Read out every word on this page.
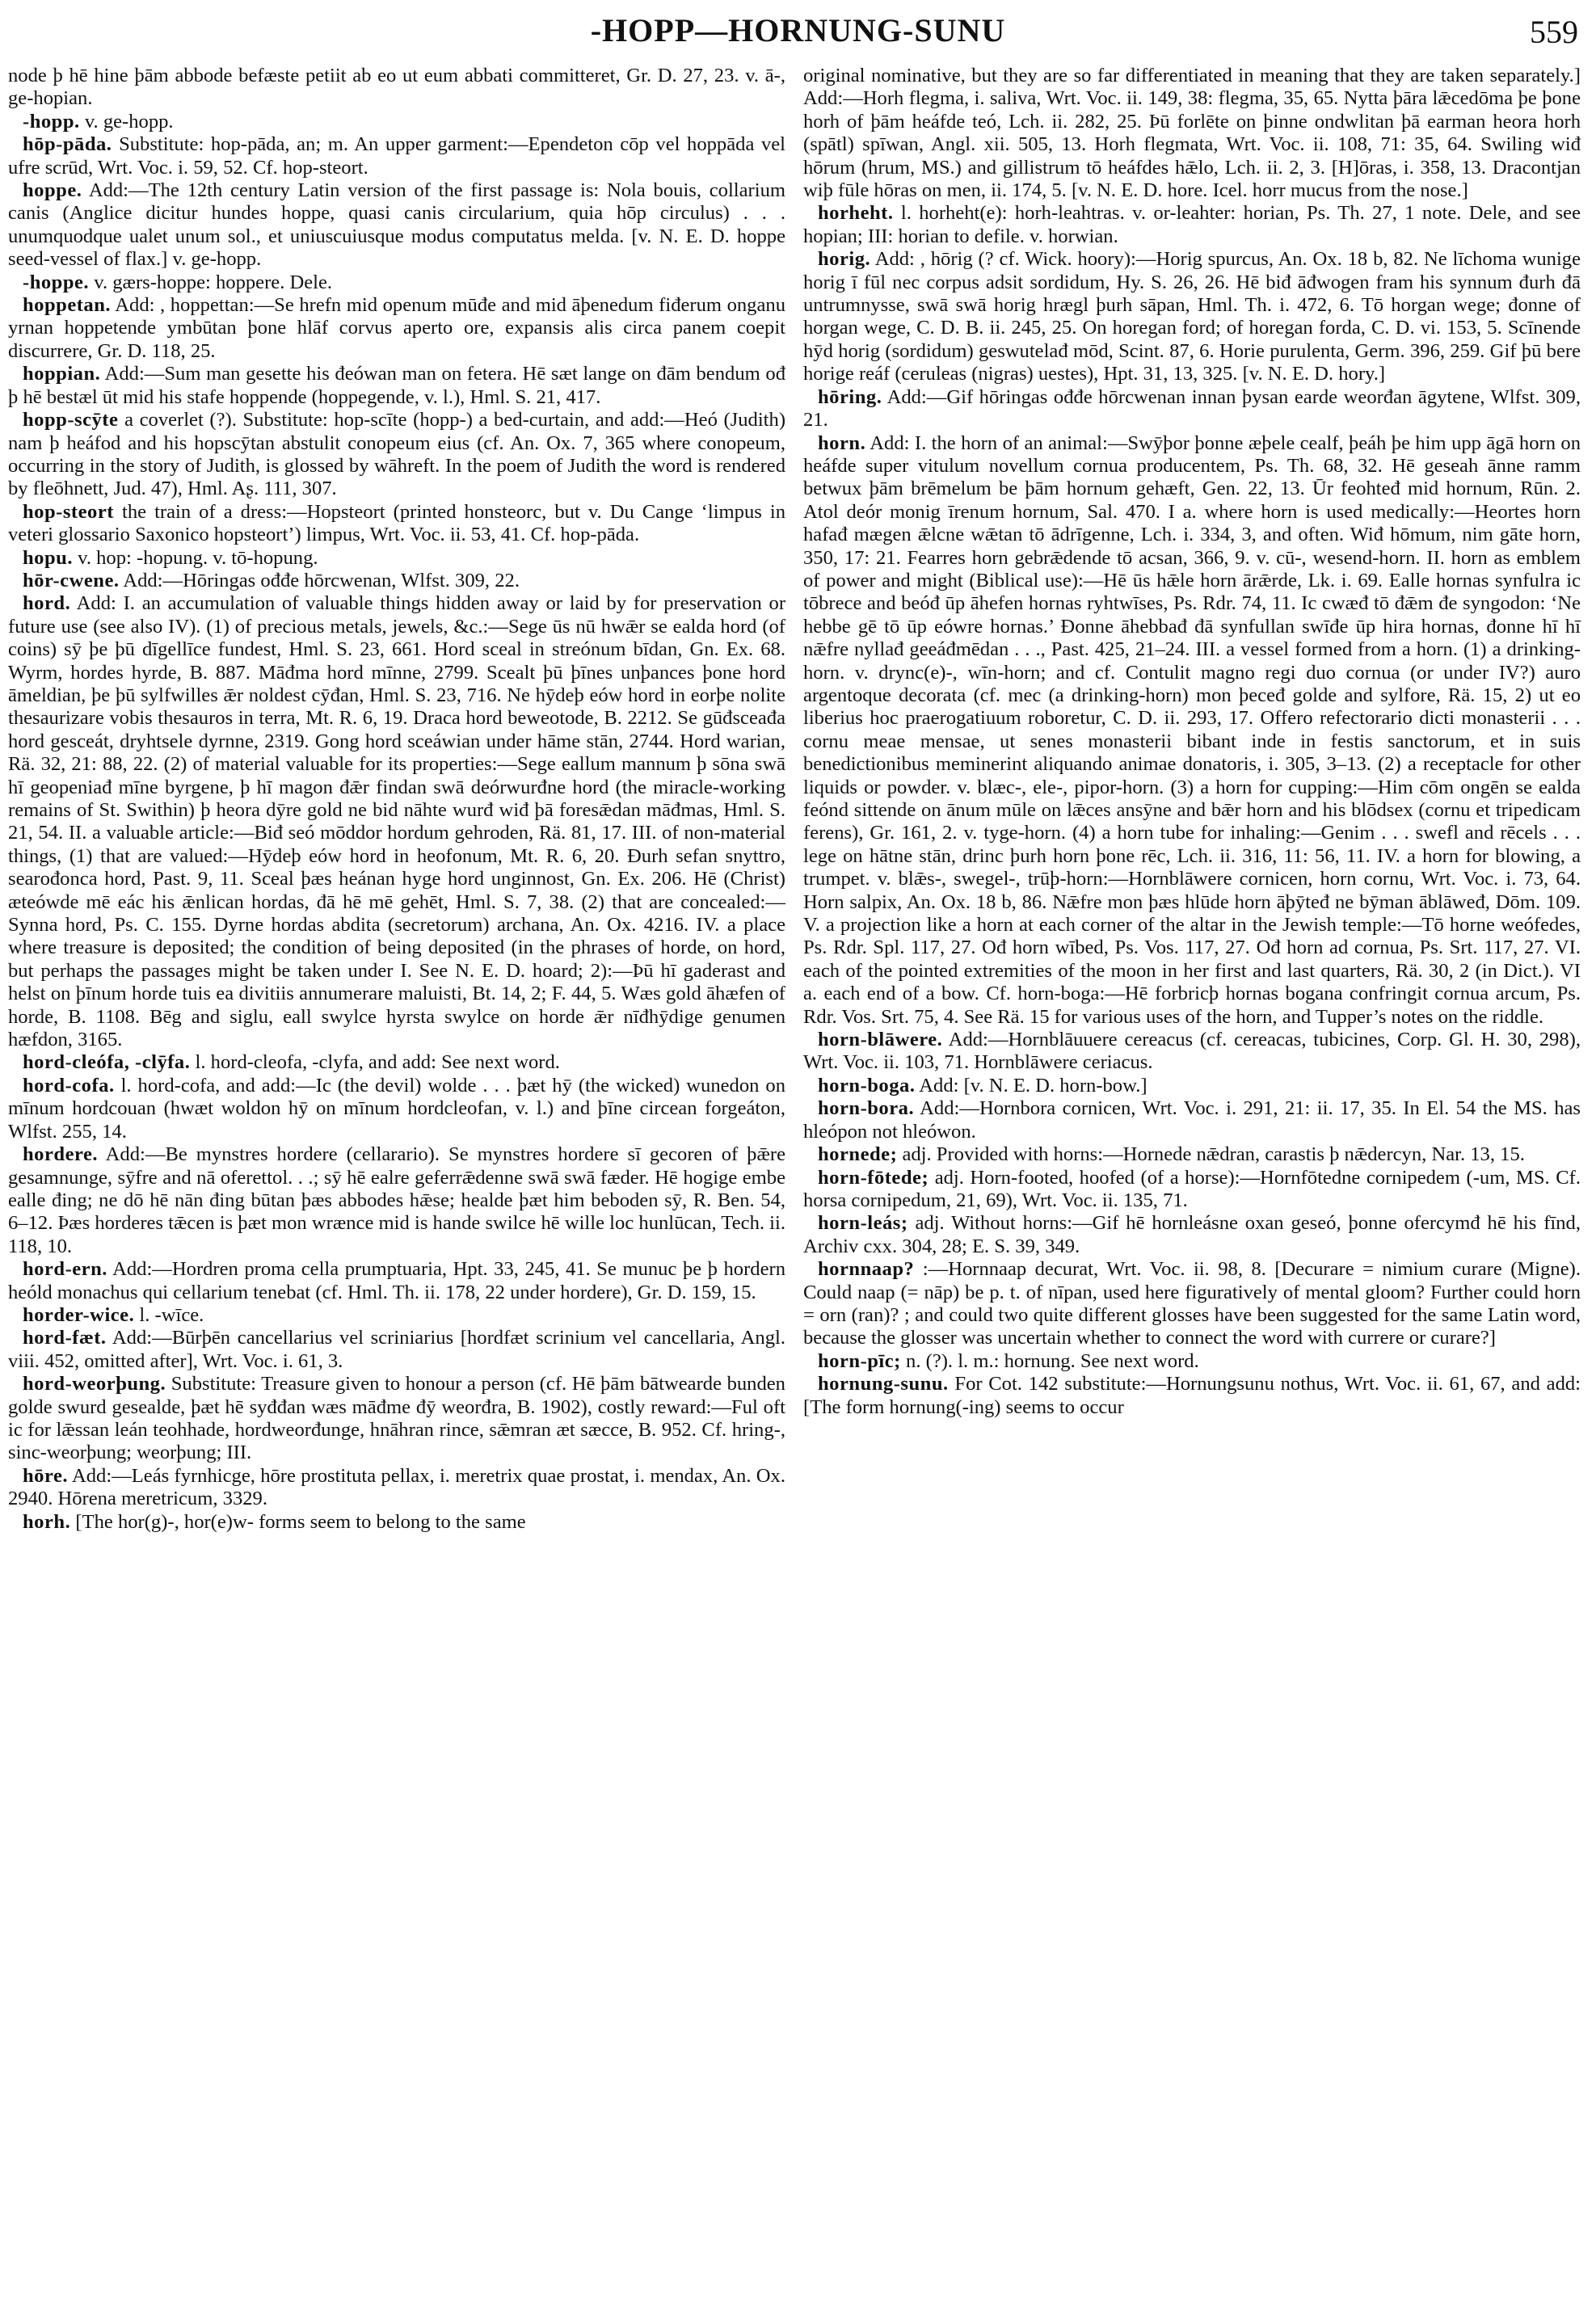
-HOPP—HORNUNG-SUNU	559

node þ hē hine þām abbode befæste petiit ab eo ut eum abbati committeret, Gr. D. 27, 23. v. ā-, ge-hopian.

-hopp. v. ge-hopp.

hōp-pāda. Substitute: hop-pāda, an; m. An upper garment:—Ependeton cōp vel hoppāda vel ufre scrūd, Wrt. Voc. i. 59, 52. Cf. hop-steort.

hoppe. Add:—The 12th century Latin version of the first passage is: Nola bouis, collarium canis (Anglice dicitur hundes hoppe, quasi canis circularium, quia hōp circulus) . . . unumquodque ualet unum sol., et uniuscuiusque modus computatus melda. [v. N. E. D. hoppe seed-vessel of flax.] v. ge-hopp.

-hoppe. v. gærs-hoppe: hoppere. Dele.

hoppetan. Add: , hoppettan:—Se hrefn mid openum mūđe and mid āþenedum fiđerum onganu yrnan hoppetende ymbūtan þone hlāf corvus aperto ore, expansis alis circa panem coepit discurrere, Gr. D. 118, 25.

hoppian. Add:—Sum man gesette his đeówan man on fetera. Hē sæt lange on đām bendum ođ þ hē bestæl ūt mid his stafe hoppende (hoppegende, v. l.), Hml. S. 21, 417.

hopp-scȳte a coverlet (?). Substitute: hop-scīte (hopp-) a bed-curtain, and add:—Heó (Judith) nam þ heáfod and his hopscȳtan abstulit conopeum eius (cf. An. Ox. 7, 365 where conopeum, occurring in the story of Judith, is glossed by wāhreft. In the poem of Judith the word is rendered by fleōhnett, Jud. 47), Hml. Aʂ. 111, 307.

hop-steort the train of a dress:—Hopsteort (printed honsteorc, but v. Du Cange ‘limpus in veteri glossario Saxonico hopsteort’) limpus, Wrt. Voc. ii. 53, 41. Cf. hop-pāda.

hopu. v. hop: -hopung. v. tō-hopung.

hōr-cwene. Add:—Hōringas ođđe hōrcwenan, Wlfst. 309, 22.

hord. Add: I. an accumulation of valuable things hidden away or laid by for preservation or future use (see also IV). (1) of precious metals, jewels, &c.:—Sege ūs nū hwǣr se ealda hord (of coins) sȳ þe þū dīgellīce fundest, Hml. S. 23, 661. Hord sceal in streónum bīdan, Gn. Ex. 68. Wyrm, hordes hyrde, B. 887. Māđma hord mīnne, 2799. Scealt þū þīnes unþances þone hord āmeldian, þe þū sylfwilles ǣr noldest cȳđan, Hml. S. 23, 716. Ne hȳdeþ eów hord in eorþe nolite thesaurizare vobis thesauros in terra, Mt. R. 6, 19. Draca hord beweotode, B. 2212. Se gūđsceađa hord gesceát, dryhtsele dyrnne, 2319. Gong hord sceáwian under hāme stān, 2744. Hord warian, Rä. 32, 21: 88, 22. (2) of material valuable for its properties:—Sege eallum mannum þ sōna swā hī geopeniađ mīne byrgene, þ hī magon đǣr findan swā deórwurđne hord (the miracle-working remains of St. Swithin) þ heora dȳre gold ne bid nāhte wurđ wiđ þā foresǣdan māđmas, Hml. S. 21, 54. II. a valuable article:—Biđ seó mōddor hordum gehroden, Rä. 81, 17. III. of non-material things, (1) that are valued:—Hȳdeþ eów hord in heofonum, Mt. R. 6, 20. Đurh sefan snyttro, searođonca hord, Past. 9, 11. Sceal þæs heánan hyge hord unginnost, Gn. Ex. 206. Hē (Christ) æteówde mē eác his ǣnlican hordas, đā hē mē gehēt, Hml. S. 7, 38. (2) that are concealed:—Synna hord, Ps. C. 155. Dyrne hordas abdita (secretorum) archana, An. Ox. 4216. IV. a place where treasure is deposited; the condition of being deposited (in the phrases of horde, on hord, but perhaps the passages might be taken under I. See N. E. D. hoard; 2):—Þū hī gaderast and helst on þīnum horde tuis ea divitiis annumerare maluisti, Bt. 14, 2; F. 44, 5. Wæs gold āhæfen of horde, B. 1108. Bēg and siglu, eall swylce hyrsta swylce on horde ǣr nīđhȳdige genumen hæfdon, 3165.

hord-cleófa, -clȳfa. l. hord-cleofa, -clyfa, and add: See next word.

hord-cofa. l. hord-cofa, and add:—Ic (the devil) wolde . . . þæt hȳ (the wicked) wunedon on mīnum hordcouan (hwæt woldon hȳ on mīnum hordcleofan, v. l.) and þīne circean forgeáton, Wlfst. 255, 14.

hordere. Add:—Be mynstres hordere (cellarario). Se mynstres hordere sī gecoren of þǣre gesamnunge, sȳfre and nā oferettol. . .; sȳ hē ealre geferrǣdenne swā swā fæder. Hē hogige embe ealle đing; ne dō hē nān đing būtan þæs abbodes hǣse; healde þæt him beboden sȳ, R. Ben. 54, 6–12. Þæs horderes tǣcen is þæt mon wrænce mid is hande swilce hē wille loc hunlūcan, Tech. ii. 118, 10.

hord-ern. Add:—Hordren proma cella prumptuaria, Hpt. 33, 245, 41. Se munuc þe þ hordern heóld monachus qui cellarium tenebat (cf. Hml. Th. ii. 178, 22 under hordere), Gr. D. 159, 15.

horder-wice. l. -wīce.

hord-fæt. Add:—Būrþēn cancellarius vel scriniarius [hordfæt scrinium vel cancellaria, Angl. viii. 452, omitted after], Wrt. Voc. i. 61, 3.

hord-weorþung. Substitute: Treasure given to honour a person (cf. Hē þām bātwearde bunden golde swurd gesealde, þæt hē syđđan wæs māđme đȳ weorđra, B. 1902), costly reward:—Ful oft ic for lǣssan leán teohhade, hordweorđunge, hnāhran rince, sǣmran æt sæcce, B. 952. Cf. hring-, sinc-weorþung; weorþung; III.

hōre. Add:—Leás fyrnhicge, hōre prostituta pellax, i. meretrix quae prostat, i. mendax, An. Ox. 2940. Hōrena meretricum, 3329.

horh. [The hor(g)-, hor(e)w- forms seem to belong to the same

original nominative, but they are so far differentiated in meaning that they are taken separately.] Add:—Horh flegma, i. saliva, Wrt. Voc. ii. 149, 38: flegma, 35, 65. Nytta þāra lǣcedōma þe þone horh of þām heáfde teó, Lch. ii. 282, 25. Þū forlēte on þinne ondwlitan þā earman heora horh (spātl) spīwan, Angl. xii. 505, 13. Horh flegmata, Wrt. Voc. ii. 108, 71: 35, 64. Swiling wiđ hōrum (hrum, MS.) and gillistrum tō heáfdes hǣlo, Lch. ii. 2, 3. [H]ōras, i. 358, 13. Dracontjan wiþ fūle hōras on men, ii. 174, 5. [v. N. E. D. hore. Icel. horr mucus from the nose.]

horheht. l. horheht(e): horh-leahtras. v. or-leahter: horian, Ps. Th. 27, 1 note. Dele, and see hopian; III: horian to defile. v. horwian.

horig. Add: , hōrig (? cf. Wick. hoory):—Horig spurcus, An. Ox. 18 b, 82. Ne līchoma wunige horig ī fūl nec corpus adsit sordidum, Hy. S. 26, 26. Hē biđ āđwogen fram his synnum đurh đā untrumnysse, swā swā horig hrægl þurh sāpan, Hml. Th. i. 472, 6. Tō horgan wege; đonne of horgan wege, C. D. B. ii. 245, 25. On horegan ford; of horegan forda, C. D. vi. 153, 5. Scīnende hȳd horig (sordidum) geswutelađ mōd, Scint. 87, 6. Horie purulenta, Germ. 396, 259. Gif þū bere horige reáf (ceruleas (nigras) uestes), Hpt. 31, 13, 325. [v. N. E. D. hory.]

hōring. Add:—Gif hōringas ođđe hōrcwenan innan þysan earde weorđan āgytene, Wlfst. 309, 21.

horn. Add: I. the horn of an animal:—Swȳþor þonne æþele cealf, þeáh þe him upp āgā horn on heáfde super vitulum novellum cornua producentem, Ps. Th. 68, 32. Hē geseah ānne ramm betwux þām brēmelum be þām hornum gehæft, Gen. 22, 13. Ūr feohteđ mid hornum, Rūn. 2. Atol deór monig īrenum hornum, Sal. 470. I a. where horn is used medically:—Heortes horn hafađ mægen ǣlcne wǣtan tō ādrīgenne, Lch. i. 334, 3, and often. Wiđ hōmum, nim gāte horn, 350, 17: 21. Fearres horn gebrǣdende tō acsan, 366, 9. v. cū-, wesend-horn. II. horn as emblem of power and might (Biblical use):—Hē ūs hǣle horn ārǣrde, Lk. i. 69. Ealle hornas synfulra ic tōbrece and beóđ ūp āhefen hornas ryhtwīses, Ps. Rdr. 74, 11. Ic cwæđ tō đǣm đe syngodon: ‘Ne hebbe gē tō ūp eówre hornas.’ Đonne āhebbađ đā synfullan swīđe ūp hira hornas, đonne hī hī nǣfre nyllađ geeáđmēdan . . ., Past. 425, 21–24. III. a vessel formed from a horn. (1) a drinking-horn. v. drync(e)-, wīn-horn; and cf. Contulit magno regi duo cornua (or under IV?) auro argentoque decorata (cf. mec (a drinking-horn) mon þeceđ golde and sylfore, Rä. 15, 2) ut eo liberius hoc praerogatiuum roboretur, C. D. ii. 293, 17. Offero refectorario dicti monasterii . . . cornu meae mensae, ut senes monasterii bibant inde in festis sanctorum, et in suis benedictionibus meminerint aliquando animae donatoris, i. 305, 3–13. (2) a receptacle for other liquids or powder. v. blæc-, ele-, pipor-horn. (3) a horn for cupping:—Him cōm ongēn se ealda feónd sittende on ānum mūle on lǣces ansȳne and bǣr horn and his blōdsex (cornu et tripedicam ferens), Gr. 161, 2. v. tyge-horn. (4) a horn tube for inhaling:—Genim . . . swefl and rēcels . . . lege on hātne stān, drinc þurh horn þone rēc, Lch. ii. 316, 11: 56, 11. IV. a horn for blowing, a trumpet. v. blǣs-, swegel-, trūþ-horn:—Hornblāwere cornicen, horn cornu, Wrt. Voc. i. 73, 64. Horn salpix, An. Ox. 18 b, 86. Nǣfre mon þæs hlūde horn āþȳteđ ne bȳman āblāweđ, Dōm. 109. V. a projection like a horn at each corner of the altar in the Jewish temple:—Tō horne weófedes, Ps. Rdr. Spl. 117, 27. Ođ horn wībed, Ps. Vos. 117, 27. Ođ horn ad cornua, Ps. Srt. 117, 27. VI. each of the pointed extremities of the moon in her first and last quarters, Rä. 30, 2 (in Dict.). VI a. each end of a bow. Cf. horn-boga:—Hē forbricþ hornas bogana confringit cornua arcum, Ps. Rdr. Vos. Srt. 75, 4. See Rä. 15 for various uses of the horn, and Tupper’s notes on the riddle.

horn-blāwere. Add:—Hornblāuuere cereacus (cf. cereacas, tubicines, Corp. Gl. H. 30, 298), Wrt. Voc. ii. 103, 71. Hornblāwere ceriacus.

horn-boga. Add: [v. N. E. D. horn-bow.]

horn-bora. Add:—Hornbora cornicen, Wrt. Voc. i. 291, 21: ii. 17, 35. In El. 54 the MS. has hleópon not hleówon.

hornede; adj. Provided with horns:—Hornede nǣdran, carastis þ nǣdercyn, Nar. 13, 15.

horn-fōtede; adj. Horn-footed, hoofed (of a horse):—Hornfōtedne cornipedem (-um, MS. Cf. horsa cornipedum, 21, 69), Wrt. Voc. ii. 135, 71.

horn-leás; adj. Without horns:—Gif hē hornleásne oxan geseó, þonne ofercymđ hē his fīnd, Archiv cxx. 304, 28; E. S. 39, 349.

hornnaap? :—Hornnaap decurat, Wrt. Voc. ii. 98, 8. [Decurare = nimium curare (Migne). Could naap (= nāp) be p. t. of nīpan, used here figuratively of mental gloom? Further could horn = orn (ran)? ; and could two quite different glosses have been suggested for the same Latin word, because the glosser was uncertain whether to connect the word with currere or curare?]

horn-pīc; n. (?). l. m.: hornung. See next word.

hornung-sunu. For Cot. 142 substitute:—Hornungsunu nothus, Wrt. Voc. ii. 61, 67, and add: [The form hornung(-ing) seems to occur
